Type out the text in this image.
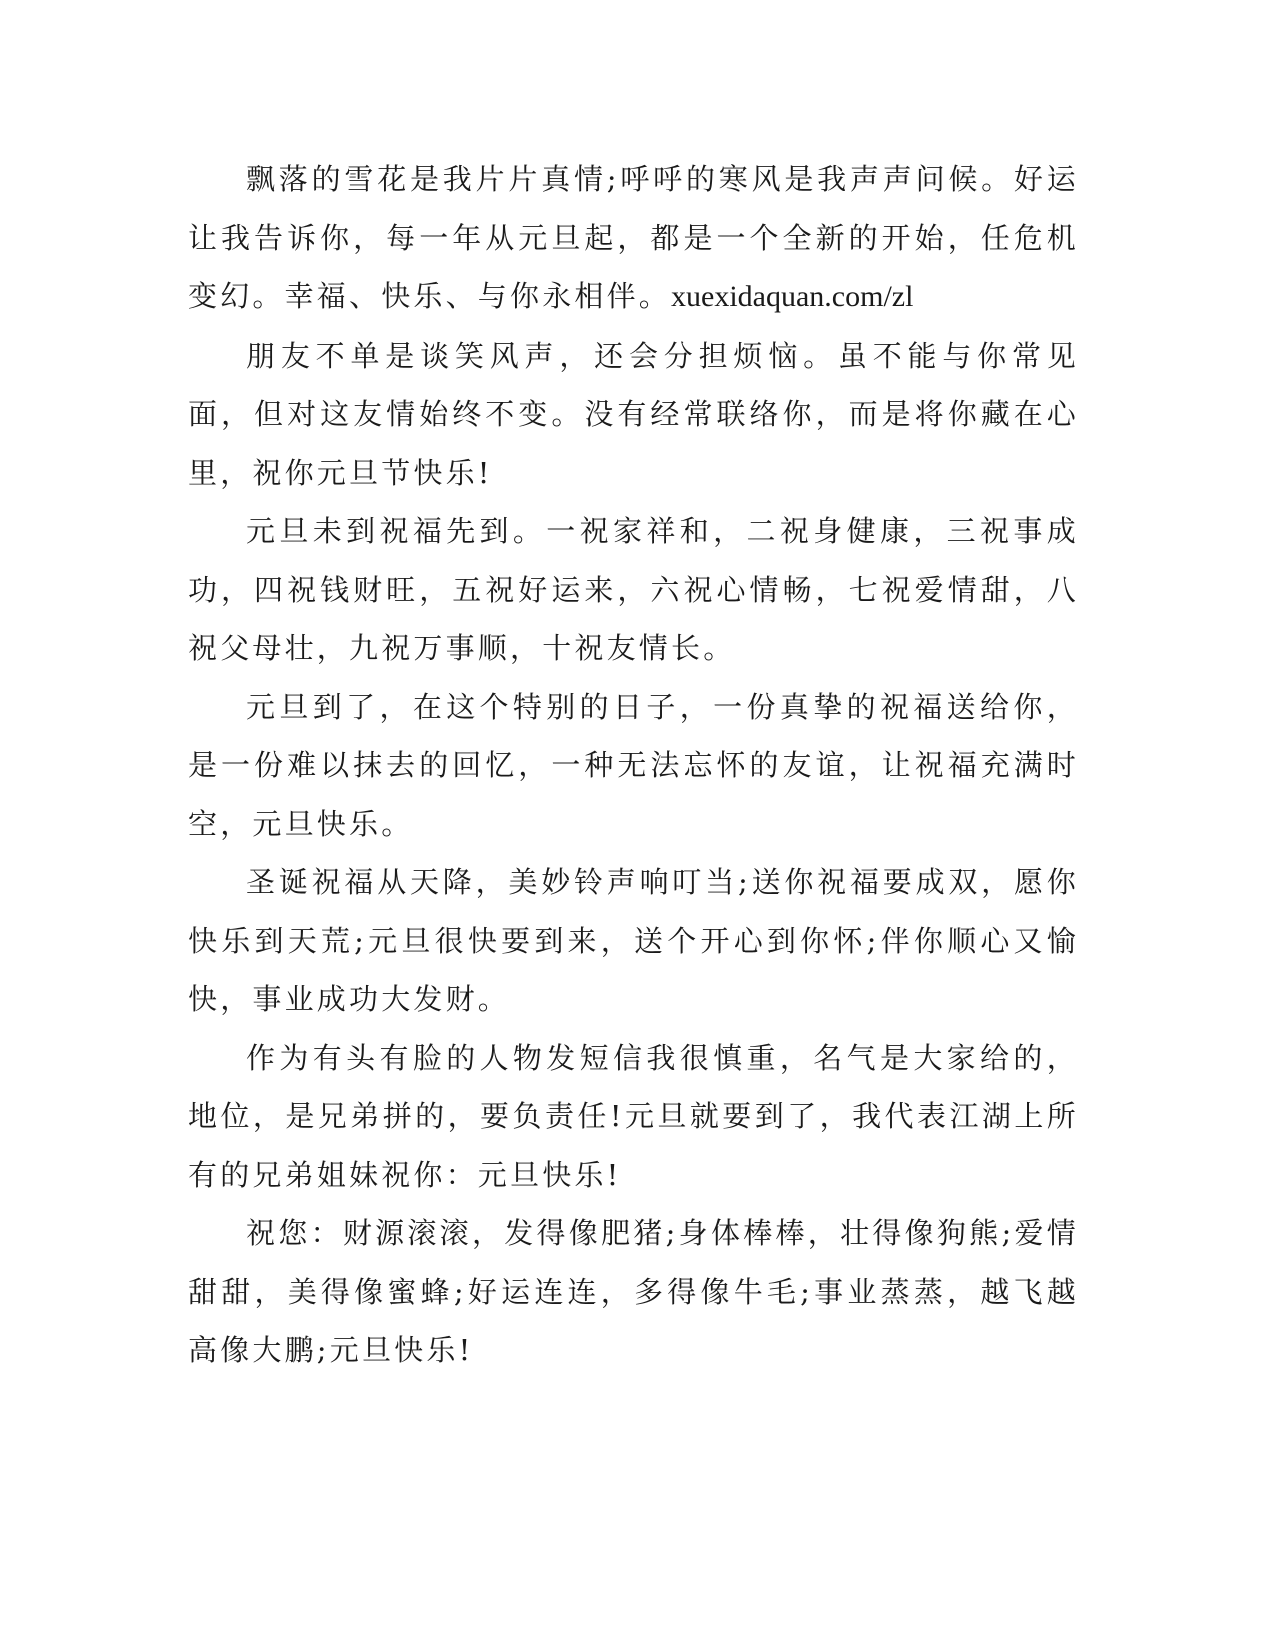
飘落的雪花是我片片真情;呼呼的寒风是我声声问候。好运让我告诉你，每一年从元旦起，都是一个全新的开始，任危机变幻。幸福、快乐、与你永相伴。xuexidaquan.com/zl

朋友不单是谈笑风声，还会分担烦恼。虽不能与你常见面，但对这友情始终不变。没有经常联络你，而是将你藏在心里，祝你元旦节快乐!

元旦未到祝福先到。一祝家祥和，二祝身健康，三祝事成功，四祝钱财旺，五祝好运来，六祝心情畅，七祝爱情甜，八祝父母壮，九祝万事顺，十祝友情长。

元旦到了，在这个特别的日子，一份真挚的祝福送给你，是一份难以抹去的回忆，一种无法忘怀的友谊，让祝福充满时空，元旦快乐。

圣诞祝福从天降，美妙铃声响叮当;送你祝福要成双，愿你快乐到天荒;元旦很快要到来，送个开心到你怀;伴你顺心又愉快，事业成功大发财。

作为有头有脸的人物发短信我很慎重，名气是大家给的，地位，是兄弟拼的，要负责任!元旦就要到了，我代表江湖上所有的兄弟姐妹祝你：元旦快乐!

祝您：财源滚滚，发得像肥猪;身体棒棒，壮得像狗熊;爱情甜甜，美得像蜜蜂;好运连连，多得像牛毛;事业蒸蒸，越飞越高像大鹏;元旦快乐!
